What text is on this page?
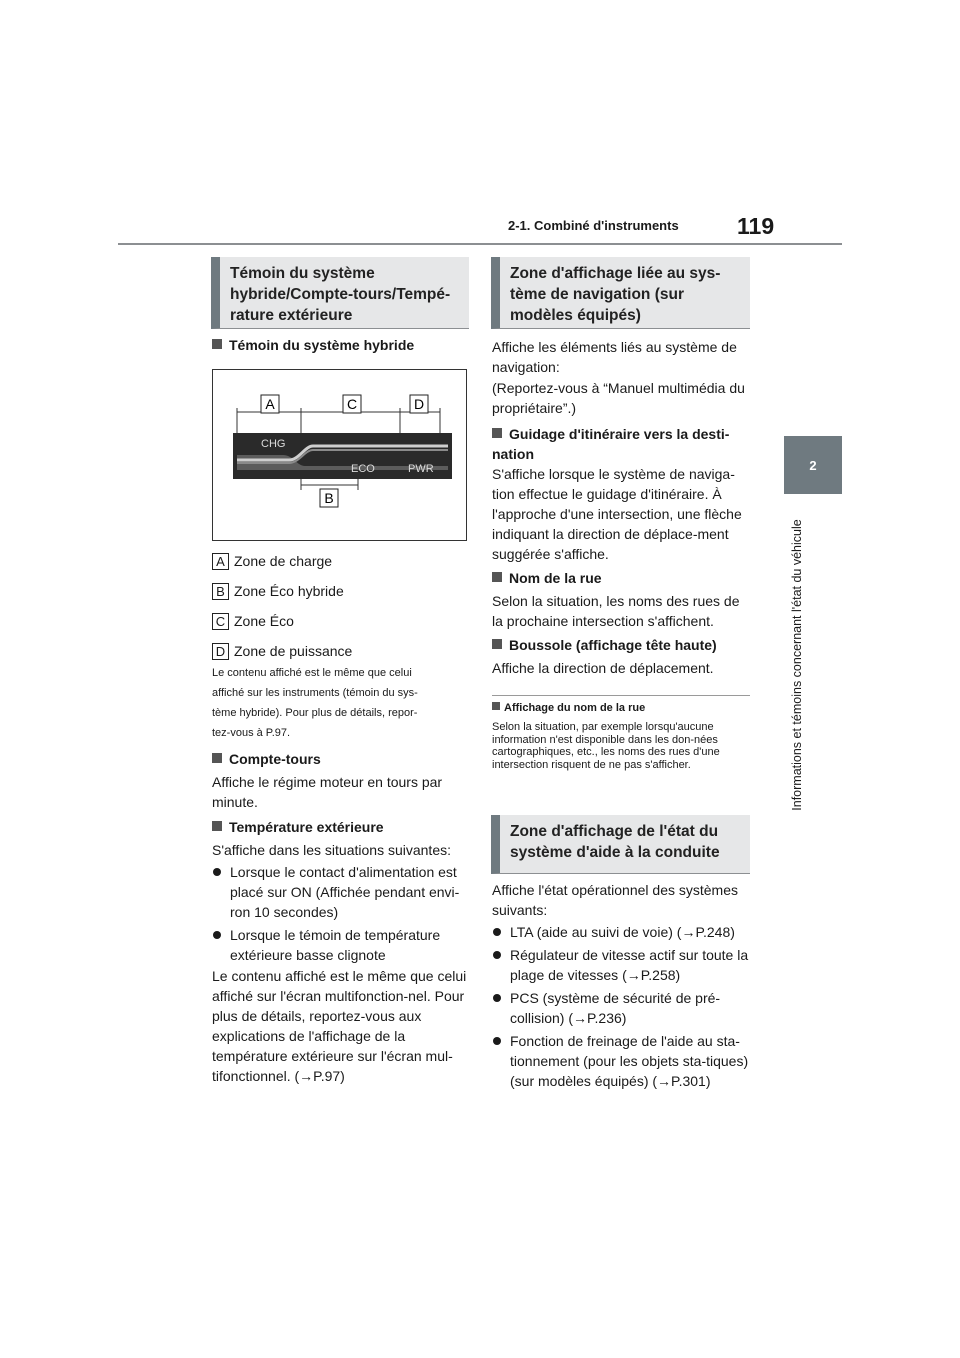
2-1. Combiné d'instruments	119
2
Informations et témoins concernant l'état du véhicule
Témoin du système hybride/Compte-tours/Tempé-rature extérieure
Témoin du système hybride
A	C	D
CHG
ECO	PWR
B
A Zone de charge
B Zone Éco hybride
C Zone Éco
D Zone de puissance
Le contenu affiché est le même que celui
affiché sur les instruments (témoin du sys-
tème hybride). Pour plus de détails, repor-
tez-vous à P.97.
Compte-tours
Affiche le régime moteur en tours par minute.
Température extérieure
S'affiche dans les situations suivantes:
Lorsque le contact d'alimentation est placé sur ON (Affichée pendant envi-ron 10 secondes)
Lorsque le témoin de température extérieure basse clignote
Le contenu affiché est le même que celui affiché sur l'écran multifonction-nel. Pour plus de détails, reportez-vous aux explications de l'affichage de la température extérieure sur l'écran mul-tifonctionnel. (→P.97)
Zone d'affichage liée au sys-tème de navigation (sur modèles équipés)
Affiche les éléments liés au système de navigation:
(Reportez-vous à “Manuel multimédia du propriétaire”.)
Guidage d'itinéraire vers la desti-nation
S'affiche lorsque le système de naviga-tion effectue le guidage d'itinéraire. À l'approche d'une intersection, une flèche indiquant la direction de déplace-ment suggérée s'affiche.
Nom de la rue
Selon la situation, les noms des rues de la prochaine intersection s'affichent.
Boussole (affichage tête haute)
Affiche la direction de déplacement.
Affichage du nom de la rue
Selon la situation, par exemple lorsqu'aucune information n'est disponible dans les don-nées cartographiques, etc., les noms des rues d'une intersection risquent de ne pas s'afficher.
Zone d'affichage de l'état du système d'aide à la conduite
Affiche l'état opérationnel des systèmes suivants:
LTA (aide au suivi de voie) (→P.248)
Régulateur de vitesse actif sur toute la plage de vitesses (→P.258)
PCS (système de sécurité de pré-collision) (→P.236)
Fonction de freinage de l'aide au sta-tionnement (pour les objets sta-tiques) (sur modèles équipés) (→P.301)
